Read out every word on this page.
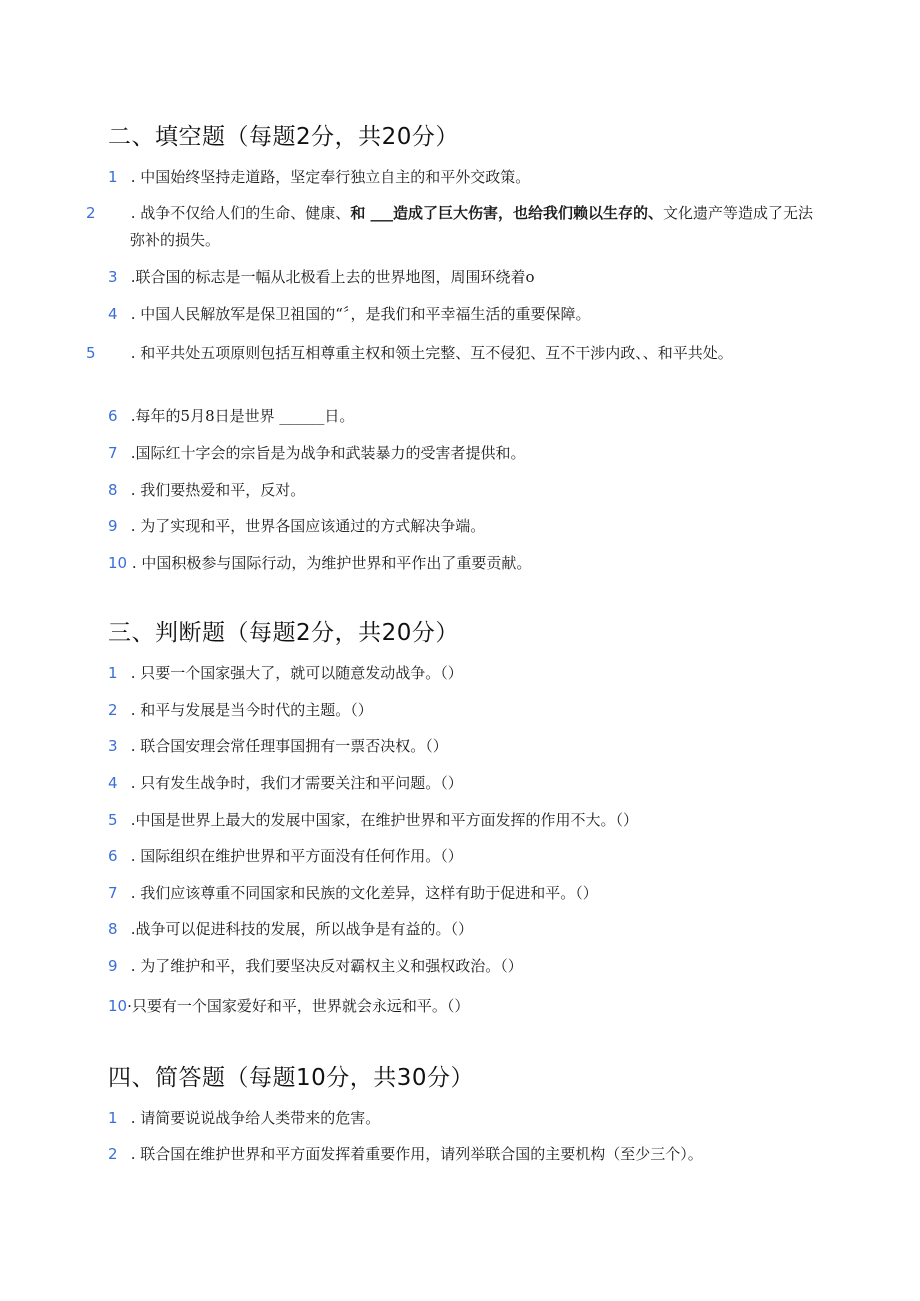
二、填空题（每题2分，共20分）
1 . 中国始终坚持走道路，坚定奉行独立自主的和平外交政策。
2 . 战争不仅给人们的生命、健康、和 ___造成了巨大伤害，也给我们赖以生存的、文化遗产等造成了无法弥补的损失。
3 .联合国的标志是一幅从北极看上去的世界地图，周围环绕着o
4 . 中国人民解放军是保卫祖国的“〞，是我们和平幸福生活的重要保障。
5 . 和平共处五项原则包括互相尊重主权和领土完整、互不侵犯、互不干涉内政、、和平共处。
6 .每年的5月8日是世界 ______日。
7 .国际红十字会的宗旨是为战争和武装暴力的受害者提供和。
8 . 我们要热爱和平，反对。
9 . 为了实现和平，世界各国应该通过的方式解决争端。
10 . 中国积极参与国际行动，为维护世界和平作出了重要贡献。
三、判断题（每题2分，共20分）
1 . 只要一个国家强大了，就可以随意发动战争。（）
2 . 和平与发展是当今时代的主题。（）
3 . 联合国安理会常任理事国拥有一票否决权。（）
4 . 只有发生战争时，我们才需要关注和平问题。（）
5 .中国是世界上最大的发展中国家，在维护世界和平方面发挥的作用不大。（）
6 . 国际组织在维护世界和平方面没有任何作用。（）
7 . 我们应该尊重不同国家和民族的文化差异，这样有助于促进和平。（）
8 .战争可以促进科技的发展，所以战争是有益的。（）
9 . 为了维护和平，我们要坚决反对霸权主义和强权政治。（）
10·只要有一个国家爱好和平，世界就会永远和平。（）
四、简答题（每题10分，共30分）
1 . 请简要说说战争给人类带来的危害。
2 . 联合国在维护世界和平方面发挥着重要作用，请列举联合国的主要机构（至少三个）。
